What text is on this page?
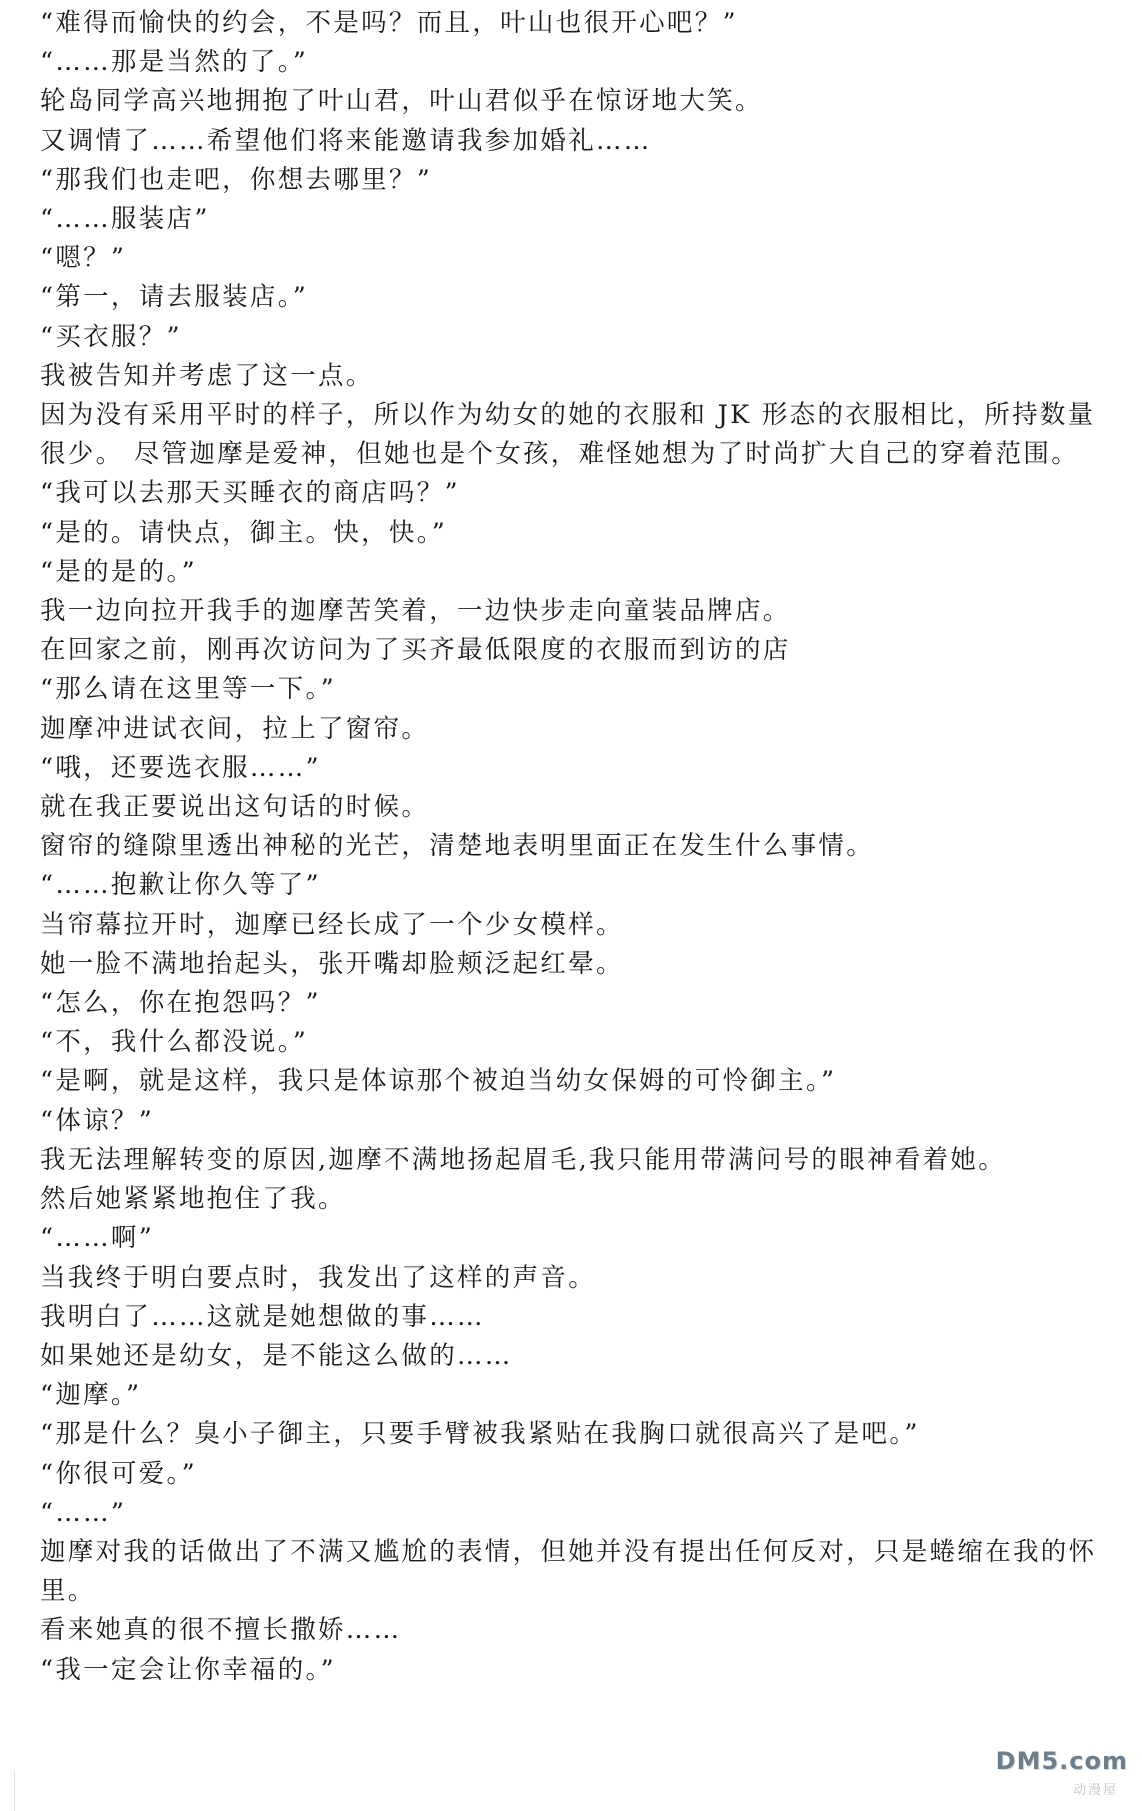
“难得而愉快的约会，不是吗？而且，叶山也很开心吧？”

“……那是当然的了。”

轮岛同学高兴地拥抱了叶山君，叶山君似乎在惊讶地大笑。

又调情了……希望他们将来能邀请我参加婚礼……

“那我们也走吧，你想去哪里？”

“……服装店”

“嗯？”

“第一，请去服装店。”

“买衣服？”

我被告知并考虑了这一点。

因为没有采用平时的样子，所以作为幼女的她的衣服和 JK 形态的衣服相比，所持数量很少。 尽管迦摩是爱神，但她也是个女孩，难怪她想为了时尚扩大自己的穿着范围。

“我可以去那天买睡衣的商店吗？”

“是的。请快点，御主。快，快。”

“是的是的。”

我一边向拉开我手的迦摩苦笑着，一边快步走向童装品牌店。

在回家之前，刚再次访问为了买齐最低限度的衣服而到访的店

“那么请在这里等一下。”

迦摩冲进试衣间，拉上了窗帘。

“哦，还要选衣服……”

就在我正要说出这句话的时候。

窗帘的缝隙里透出神秘的光芒，清楚地表明里面正在发生什么事情。

“……抱歉让你久等了”

当帘幕拉开时，迦摩已经长成了一个少女模样。

她一脸不满地抬起头，张开嘴却脸颊泛起红晕。

“怎么，你在抱怨吗？”

“不，我什么都没说。”

“是啊，就是这样，我只是体谅那个被迫当幼女保姆的可怜御主。”

“体谅？”

我无法理解转变的原因,迦摩不满地扬起眉毛,我只能用带满问号的眼神看着她。

然后她紧紧地抱住了我。

“……啊”

当我终于明白要点时，我发出了这样的声音。

我明白了……这就是她想做的事……

如果她还是幼女，是不能这么做的……

“迦摩。”

“那是什么？臭小子御主，只要手臂被我紧贴在我胸口就很高兴了是吧。”

“你很可爱。”

“……”

迦摩对我的话做出了不满又尴尬的表情，但她并没有提出任何反对，只是蜷缩在我的怀里。

看来她真的很不擅长撒娇……

“我一定会让你幸福的。”

DM5.com
动漫屋
